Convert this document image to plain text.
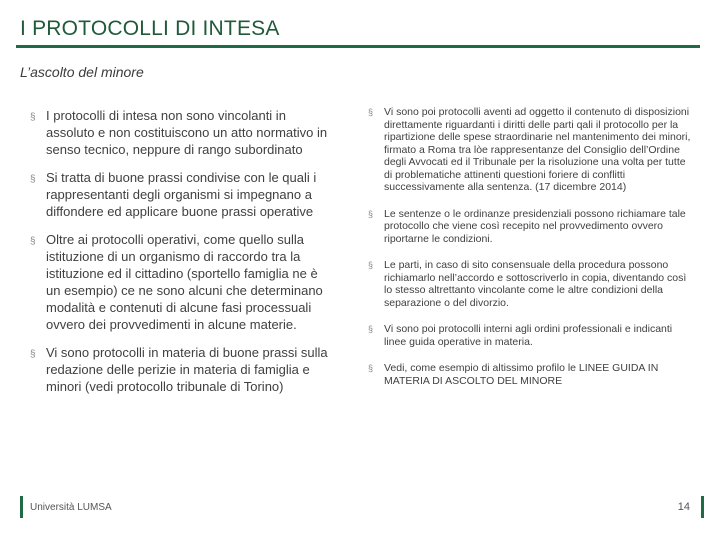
I PROTOCOLLI DI INTESA
L’ascolto del minore
§ I protocolli di intesa non sono vincolanti in assoluto e non costituiscono un atto normativo in senso tecnico, neppure di rango subordinato
§ Si tratta di buone prassi condivise con le quali i rappresentanti degli organismi si impegnano a diffondere ed applicare buone prassi operative
§ Oltre ai protocolli operativi, come quello sulla istituzione di un organismo di raccordo tra la istituzione ed il cittadino (sportello famiglia ne è un esempio) ce ne sono alcuni che determinano modalità e contenuti di alcune fasi processuali ovvero dei provvedimenti in alcune materie.
§ Vi sono protocolli in materia di buone prassi sulla redazione delle perizie in materia di famiglia e minori (vedi protocollo tribunale di Torino)
§ Vi sono poi protocolli aventi ad oggetto il contenuto di disposizioni direttamente riguardanti i diritti delle parti qali il protocollo per la ripartizione delle spese straordinarie nel mantenimento dei minori, firmato a Roma tra lòe rappresentanze del Consiglio dell’Ordine degli Avvocati ed il Tribunale per la risoluzione una volta per tutte di problematiche attinenti questioni foriere di conflitti successivamente alla sentenza. (17 dicembre 2014)
§ Le sentenze o le ordinanze presidenziali possono richiamare tale protocollo che viene così recepito nel provvedimento ovvero riportarne le condizioni.
§ Le parti, in caso di sito consensuale della procedura possono richiamarlo nell’accordo e sottoscriverlo in copia, diventando così lo stesso altrettanto vincolante come le altre condizioni della separazione o del divorzio.
§ Vi sono poi protocolli interni agli ordini professionali e indicanti linee guida operative in materia.
§ Vedi, come esempio di altissimo profilo le LINEE GUIDA IN MATERIA DI ASCOLTO DEL MINORE
Università LUMSA	14
